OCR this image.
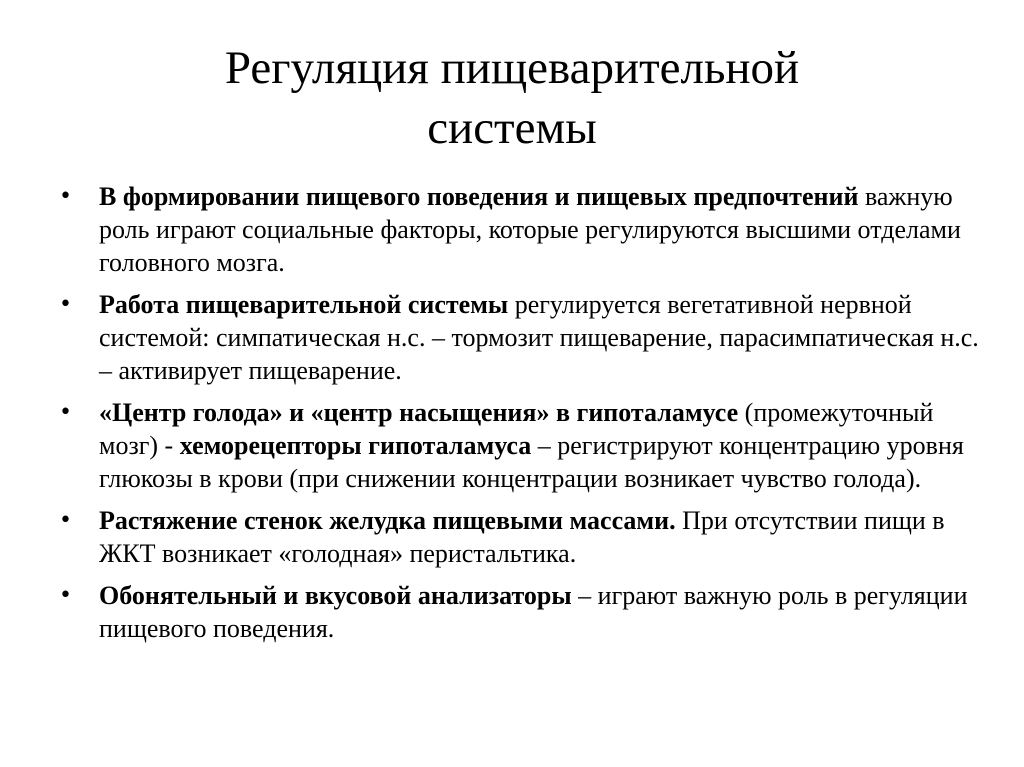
Регуляция пищеварительной
системы
• В формировании пищевого поведения и пищевых предпочтений важную роль играют социальные факторы, которые регулируются высшими отделами головного мозга.
• Работа пищеварительной системы регулируется вегетативной нервной системой: симпатическая н.с. – тормозит пищеварение, парасимпатическая н.с. – активирует пищеварение.
• «Центр голода» и «центр насыщения» в гипоталамусе (промежуточный мозг) - хеморецепторы гипоталамуса – регистрируют концентрацию уровня глюкозы в крови (при снижении концентрации возникает чувство голода).
• Растяжение стенок желудка пищевыми массами. При отсутствии пищи в ЖКТ возникает «голодная» перистальтика.
• Обонятельный и вкусовой анализаторы – играют важную роль в регуляции пищевого поведения.
